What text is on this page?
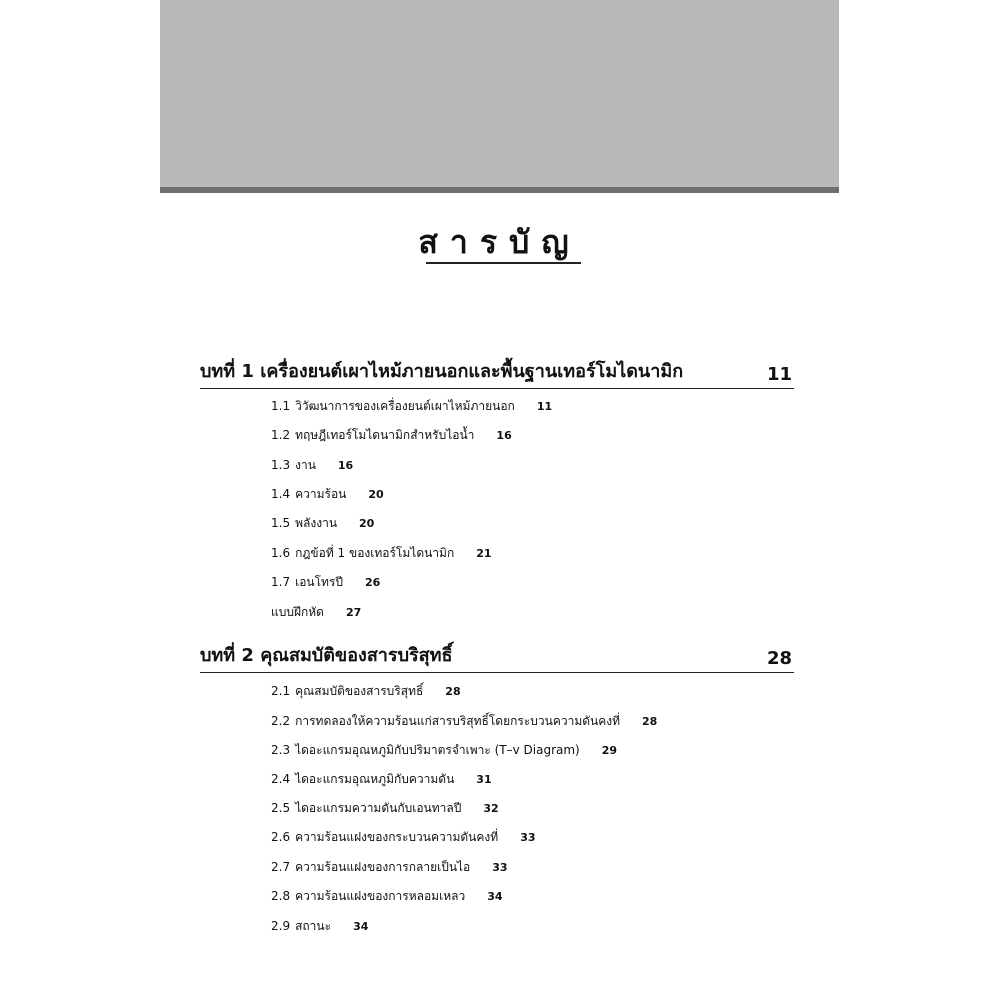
สารบัญ
บทที่ 1 เครื่องยนต์เผาไหม้ภายนอกและพื้นฐานเทอร์โมไดนามิก	11
1.1 วิวัฒนาการของเครื่องยนต์เผาไหม้ภายนอก 11
1.2 ทฤษฎีเทอร์โมไดนามิกสำหรับไอน้ำ 16
1.3 งาน 16
1.4 ความร้อน 20
1.5 พลังงาน 20
1.6 กฎข้อที่ 1 ของเทอร์โมไดนามิก 21
1.7 เอนโทรปี 26
แบบฝึกหัด 27
บทที่ 2 คุณสมบัติของสารบริสุทธิ์	28
2.1 คุณสมบัติของสารบริสุทธิ์ 28
2.2 การทดลองให้ความร้อนแก่สารบริสุทธิ์โดยกระบวนความดันคงที่ 28
2.3 ไดอะแกรมอุณหภูมิกับปริมาตรจำเพาะ (T–v Diagram) 29
2.4 ไดอะแกรมอุณหภูมิกับความดัน 31
2.5 ไดอะแกรมความดันกับเอนทาลปี 32
2.6 ความร้อนแฝงของกระบวนความดันคงที่ 33
2.7 ความร้อนแฝงของการกลายเป็นไอ 33
2.8 ความร้อนแฝงของการหลอมเหลว 34
2.9 สถานะ 34
